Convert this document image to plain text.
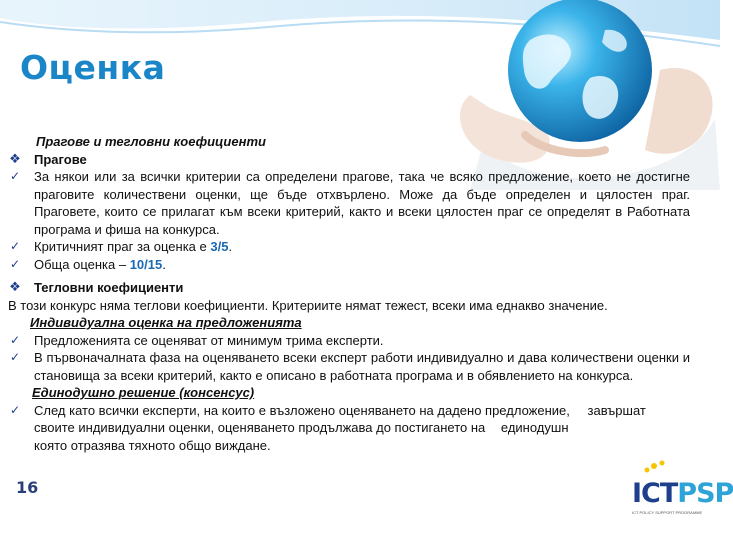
Оценка
Прагове и тегловни коефициенти
❖ Прагове
✓ За някои или за всички критерии са определени прагове, така че всяко предложение, което не достигне праговите количествени оценки, ще бъде отхвърлено. Може да бъде определен и цялостен праг. Праговете, които се прилагат към всеки критерий, както и всеки цялостен праг се определят в Работната програма и фиша на конкурса.
✓ Критичният праг за оценка е 3/5.
✓ Обща оценка – 10/15.
❖ Тегловни коефициенти
В този конкурс няма теглови коефициенти. Критериите нямат тежест, всеки има еднакво значение.
Индивидуална оценка на предложенията
✓ Предложенията се оценяват от минимум трима експерти.
✓ В първоначалната фаза на оценяването всеки експерт работи индивидуално и дава количествени оценки и становища за всеки критерий, както е описано в работната програма и в обявлението на конкурса.
Единодушно решение (консенсус)
✓ След като всички експерти, на които е възложено оценяването на дадено предложение, завършат
своите индивидуални оценки, оценяването продължава до постигането на единодушн
която отразява тяхното общо виждане.
16	ICTPSP
ICT POLICY SUPPORT PROGRAMME
